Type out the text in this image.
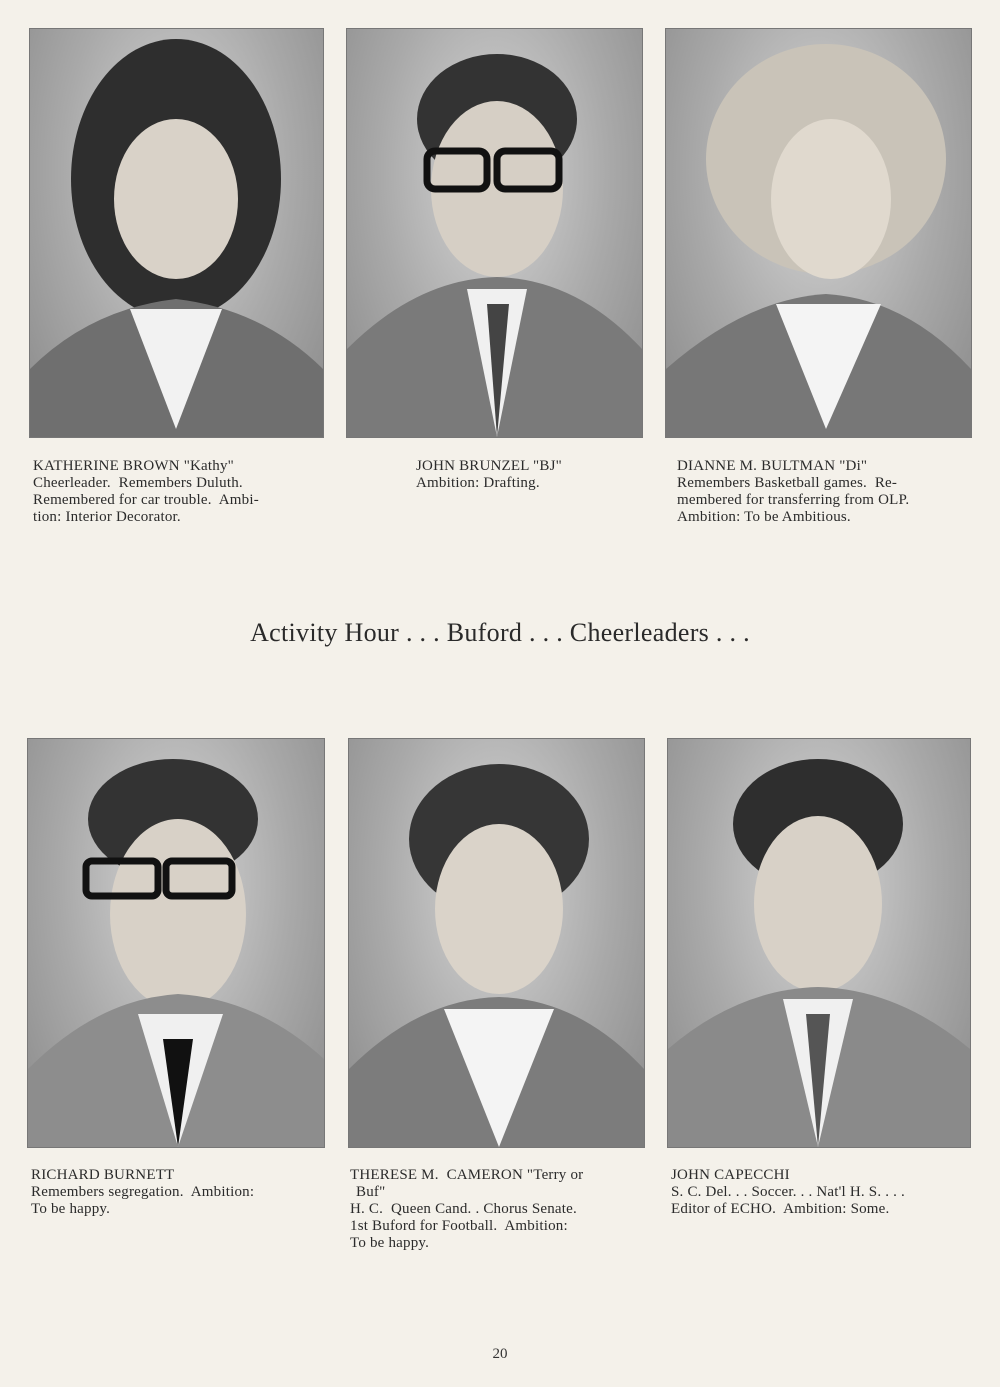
KATHERINE BROWN "Kathy"
Cheerleader.  Remembers Duluth.
Remembered for car trouble.  Ambi-
tion: Interior Decorator.
JOHN BRUNZEL "BJ"
Ambition: Drafting.
DIANNE M. BULTMAN "Di"
Remembers Basketball games.  Re-
membered for transferring from OLP.
Ambition: To be Ambitious.
Activity Hour . . . Buford . . . Cheerleaders . . .
RICHARD BURNETT
Remembers segregation.  Ambition:
To be happy.
THERESE M.  CAMERON "Terry or
Buf"
H. C.  Queen Cand. . Chorus Senate.
1st Buford for Football.  Ambition:
To be happy.
JOHN CAPECCHI
S. C. Del. . . Soccer. . . Nat'l H. S. . . .
Editor of ECHO.  Ambition: Some.
20
